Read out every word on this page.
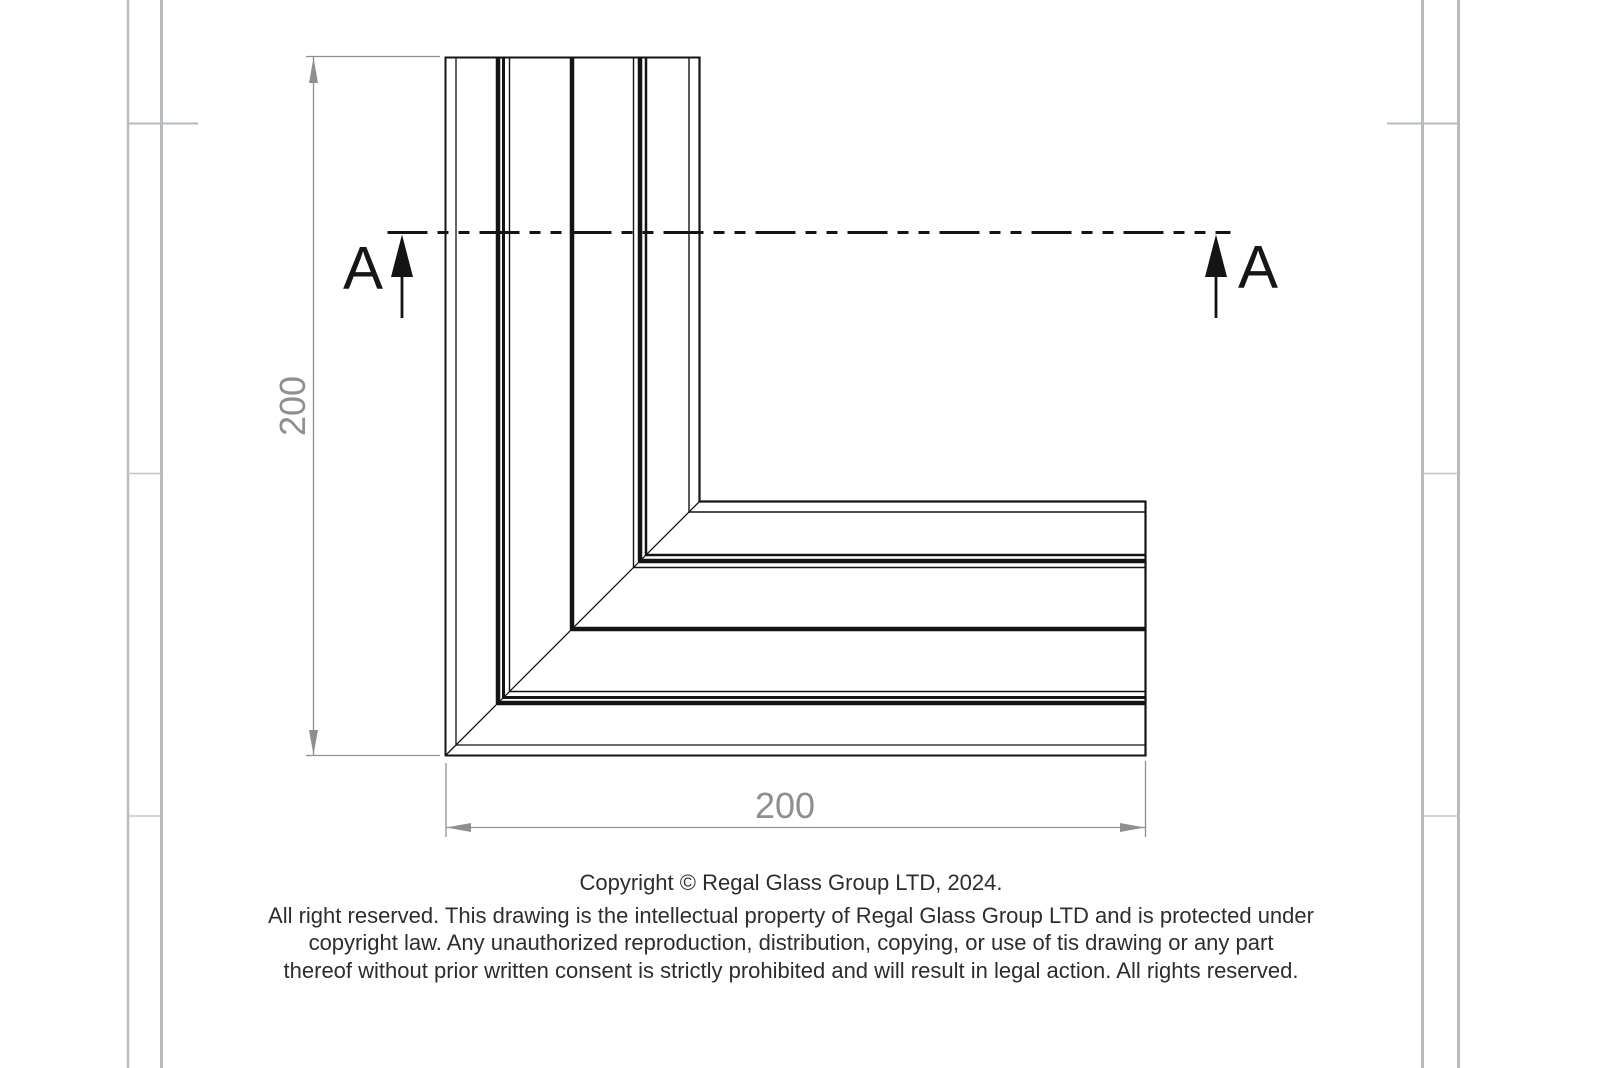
A	A
200
200
Copyright © Regal Glass Group LTD, 2024.
All right reserved. This drawing is the intellectual property of Regal Glass Group LTD and is protected under
copyright law. Any unauthorized reproduction, distribution, copying, or use of tis drawing or any part
thereof without prior written consent is strictly prohibited and will result in legal action. All rights reserved.
